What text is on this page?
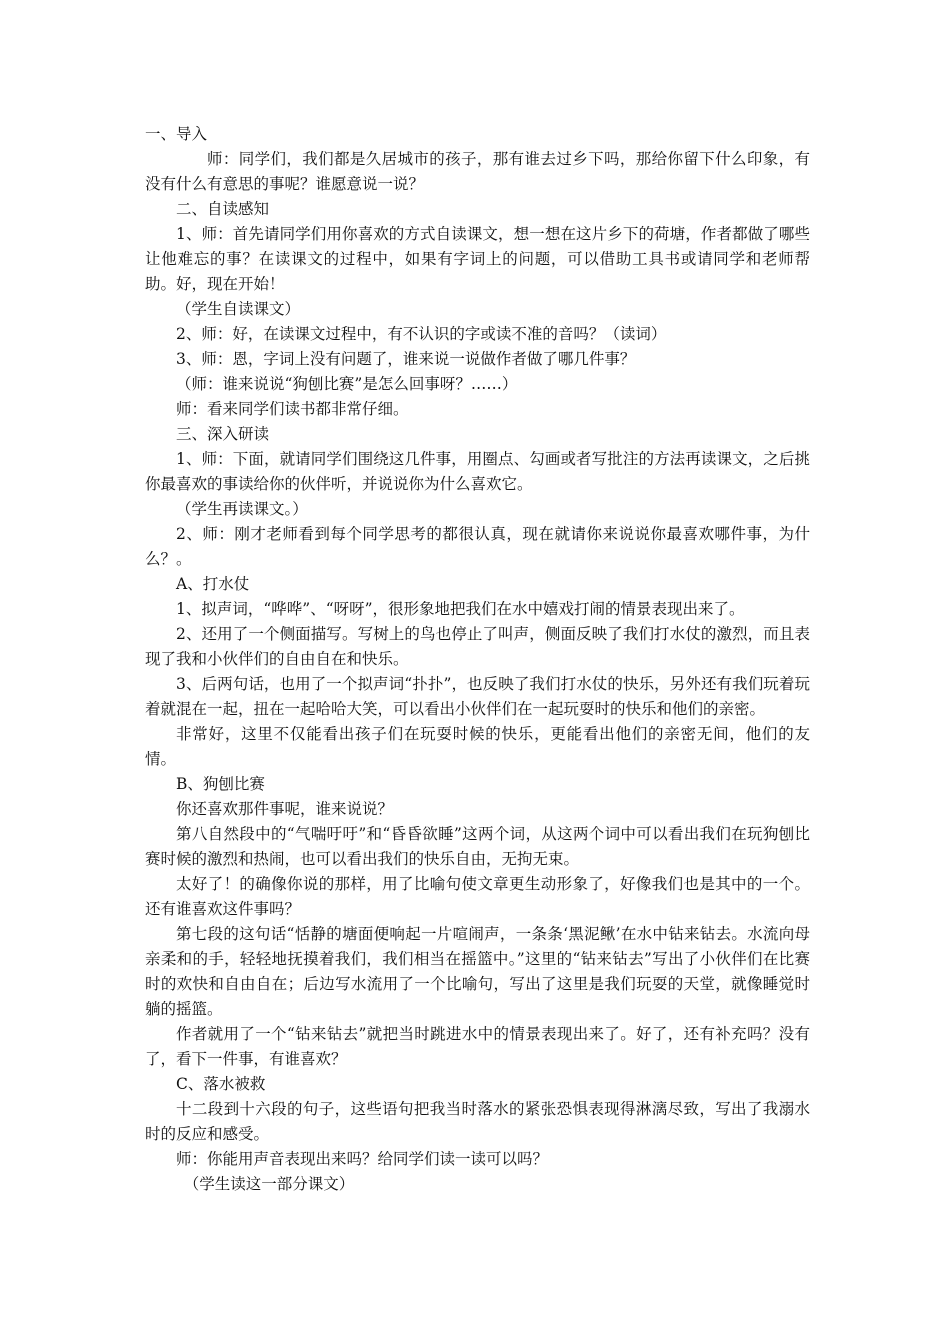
一、导入

师：同学们，我们都是久居城市的孩子，那有谁去过乡下吗，那给你留下什么印象，有没有什么有意思的事呢？谁愿意说一说？

二、自读感知

1、师：首先请同学们用你喜欢的方式自读课文，想一想在这片乡下的荷塘，作者都做了哪些让他难忘的事？在读课文的过程中，如果有字词上的问题，可以借助工具书或请同学和老师帮助。好，现在开始！

（学生自读课文）

2、师：好，在读课文过程中，有不认识的字或读不准的音吗？（读词）

3、师：恩，字词上没有问题了，谁来说一说做作者做了哪几件事？

（师：谁来说说“狗刨比赛”是怎么回事呀？……）

师：看来同学们读书都非常仔细。

三、深入研读

1、师：下面，就请同学们围绕这几件事，用圈点、勾画或者写批注的方法再读课文，之后挑你最喜欢的事读给你的伙伴听，并说说你为什么喜欢它。

（学生再读课文。）

2、师：刚才老师看到每个同学思考的都很认真，现在就请你来说说你最喜欢哪件事，为什么？。

A、打水仗

1、拟声词，“哗哗”、“呀呀”，很形象地把我们在水中嬉戏打闹的情景表现出来了。

2、还用了一个侧面描写。写树上的鸟也停止了叫声，侧面反映了我们打水仗的激烈，而且表现了我和小伙伴们的自由自在和快乐。

3、后两句话，也用了一个拟声词“扑扑”，也反映了我们打水仗的快乐，另外还有我们玩着玩着就混在一起，扭在一起哈哈大笑，可以看出小伙伴们在一起玩耍时的快乐和他们的亲密。

非常好，这里不仅能看出孩子们在玩耍时候的快乐，更能看出他们的亲密无间，他们的友情。

B、狗刨比赛

你还喜欢那件事呢，谁来说说？

第八自然段中的“气喘吁吁”和“昏昏欲睡”这两个词，从这两个词中可以看出我们在玩狗刨比赛时候的激烈和热闹，也可以看出我们的快乐自由，无拘无束。

太好了！的确像你说的那样，用了比喻句使文章更生动形象了，好像我们也是其中的一个。还有谁喜欢这件事吗？

第七段的这句话“恬静的塘面便响起一片喧闹声，一条条‘黑泥鳅’在水中钻来钻去。水流向母亲柔和的手，轻轻地抚摸着我们，我们相当在摇篮中。”这里的“钻来钻去”写出了小伙伴们在比赛时的欢快和自由自在；后边写水流用了一个比喻句，写出了这里是我们玩耍的天堂，就像睡觉时躺的摇篮。

作者就用了一个“钻来钻去”就把当时跳进水中的情景表现出来了。好了，还有补充吗？没有了，看下一件事，有谁喜欢？

C、落水被救

十二段到十六段的句子，这些语句把我当时落水的紧张恐惧表现得淋漓尽致，写出了我溺水时的反应和感受。

师：你能用声音表现出来吗？给同学们读一读可以吗？

（学生读这一部分课文）
